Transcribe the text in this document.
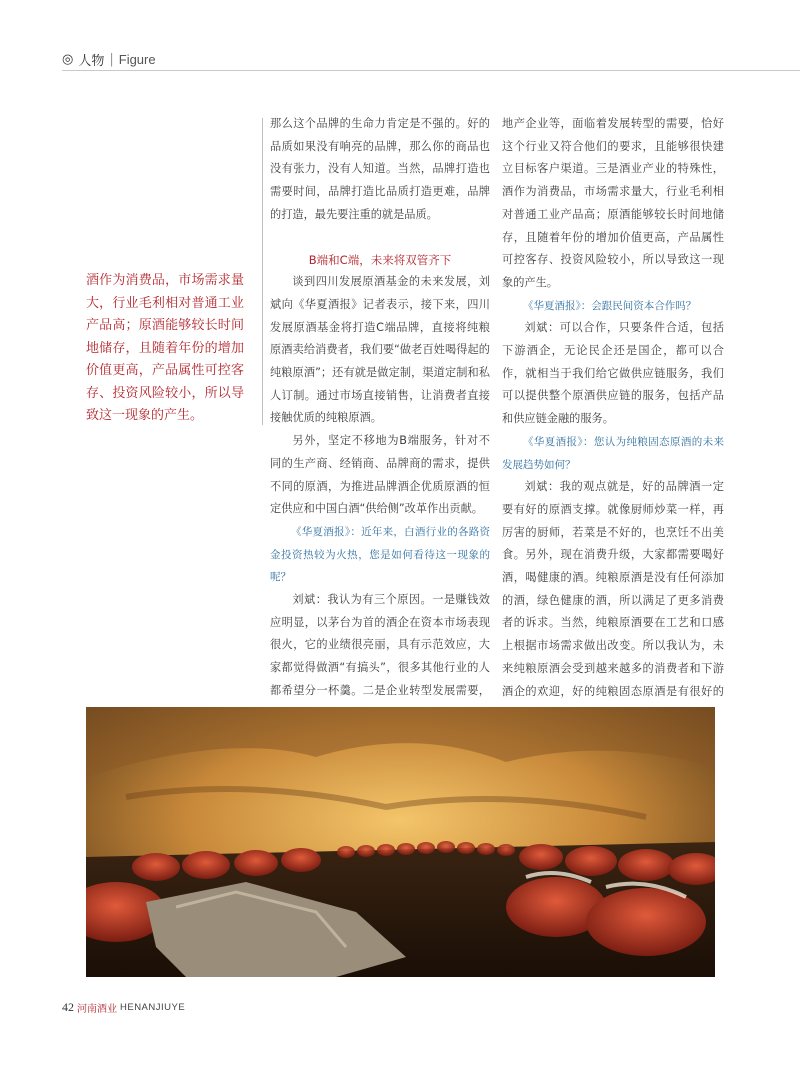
◎ 人物 | Figure
酒作为消费品，市场需求量大，行业毛利相对普通工业产品高；原酒能够较长时间地储存，且随着年份的增加价值更高，产品属性可控客存、投资风险较小，所以导致这一现象的产生。

那么这个品牌的生命力肯定是不强的。好的品质如果没有响亮的品牌，那么你的商品也没有张力，没有人知道。当然，品牌打造也需要时间，品牌打造比品质打造更难，品牌的打造，最先要注重的就是品质。

B端和C端，未来将双管齐下

谈到四川发展原酒基金的未来发展，刘斌向《华夏酒报》记者表示，接下来，四川发展原酒基金将打造C端品牌，直接将纯粮原酒卖给消费者，我们要“做老百姓喝得起的纯粮原酒”；还有就是做定制，渠道定制和私人订制。通过市场直接销售，让消费者直接接触优质的纯粮原酒。

另外，坚定不移地为B端服务，针对不同的生产商、经销商、品牌商的需求，提供不同的原酒，为推进品牌酒企优质原酒的恒定供应和中国白酒“供给侧”改革作出贡献。

《华夏酒报》：近年来，白酒行业的各路资金投资热较为火热，您是如何看待这一现象的呢？

刘斌：我认为有三个原因。一是赚钱效应明显，以茅台为首的酒企在资本市场表现很火，它的业绩很亮丽，具有示范效应，大家都觉得做酒“有搞头”，很多其他行业的人都希望分一杯羹。二是企业转型发展需要，

地产企业等，面临着发展转型的需要，恰好这个行业又符合他们的要求，且能够很快建立目标客户渠道。三是酒业产业的特殊性，酒作为消费品，市场需求量大，行业毛利相对普通工业产品高；原酒能够较长时间地储存，且随着年份的增加价值更高，产品属性可控客存、投资风险较小，所以导致这一现象的产生。

《华夏酒报》：会跟民间资本合作吗？

刘斌：可以合作，只要条件合适，包括下游酒企，无论民企还是国企，都可以合作，就相当于我们给它做供应链服务，我们可以提供整个原酒供应链的服务，包括产品和供应链金融的服务。

《华夏酒报》：您认为纯粮固态原酒的未来发展趋势如何？

刘斌：我的观点就是，好的品牌酒一定要有好的原酒支撑。就像厨师炒菜一样，再厉害的厨师，若菜是不好的，也烹饪不出美食。另外，现在消费升级，大家都需要喝好酒，喝健康的酒。纯粮原酒是没有任何添加的酒，绿色健康的酒，所以满足了更多消费者的诉求。当然，纯粮原酒要在工艺和口感上根据市场需求做出改变。所以我认为，未来纯粮原酒会受到越来越多的消费者和下游酒企的欢迎，好的纯粮固态原酒是有很好的

42 河南酒业 HENANJIUYE
